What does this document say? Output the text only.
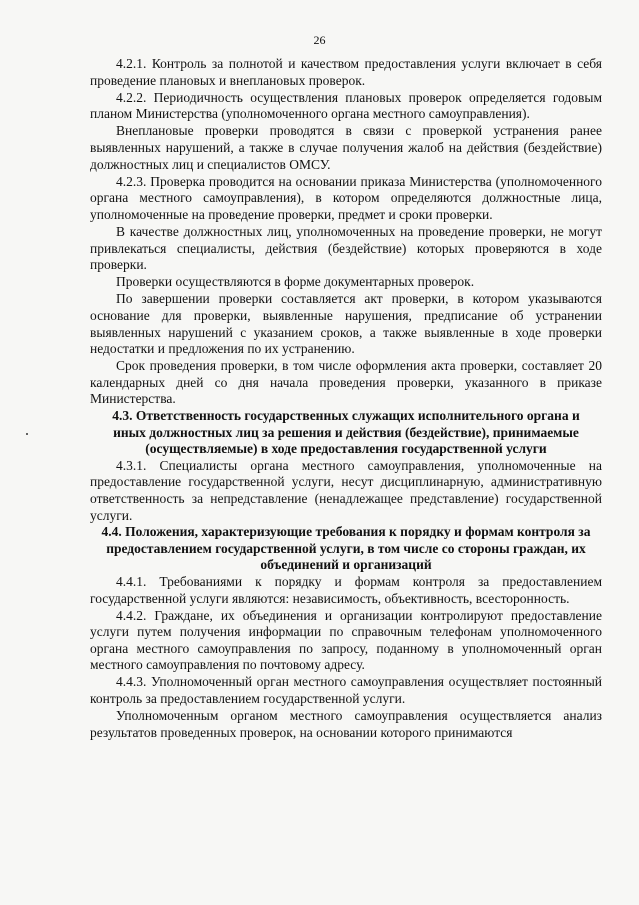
26

4.2.1. Контроль за полнотой и качеством предоставления услуги включает в себя проведение плановых и внеплановых проверок.

4.2.2. Периодичность осуществления плановых проверок определяется годовым планом Министерства (уполномоченного органа местного самоуправления).

Внеплановые проверки проводятся в связи с проверкой устранения ранее выявленных нарушений, а также в случае получения жалоб на действия (бездействие) должностных лиц и специалистов ОМСУ.

4.2.3. Проверка проводится на основании приказа Министерства (уполномоченного органа местного самоуправления), в котором определяются должностные лица, уполномоченные на проведение проверки, предмет и сроки проверки.

В качестве должностных лиц, уполномоченных на проведение проверки, не могут привлекаться специалисты, действия (бездействие) которых проверяются в ходе проверки.

Проверки осуществляются в форме документарных проверок.

По завершении проверки составляется акт проверки, в котором указываются основание для проверки, выявленные нарушения, предписание об устранении выявленных нарушений с указанием сроков, а также выявленные в ходе проверки недостатки и предложения по их устранению.

Срок проведения проверки, в том числе оформления акта проверки, составляет 20 календарных дней со дня начала проведения проверки, указанного в приказе Министерства.

4.3. Ответственность государственных служащих исполнительного органа и иных должностных лиц за решения и действия (бездействие), принимаемые (осуществляемые) в ходе предоставления государственной услуги

4.3.1. Специалисты органа местного самоуправления, уполномоченные на предоставление государственной услуги, несут дисциплинарную, административную ответственность за непредставление (ненадлежащее представление) государственной услуги.

4.4. Положения, характеризующие требования к порядку и формам контроля за предоставлением государственной услуги, в том числе со стороны граждан, их объединений и организаций

4.4.1. Требованиями к порядку и формам контроля за предоставлением государственной услуги являются: независимость, объективность, всесторонность.

4.4.2. Граждане, их объединения и организации контролируют предоставление услуги путем получения информации по справочным телефонам уполномоченного органа местного самоуправления по запросу, поданному в уполномоченный орган местного самоуправления по почтовому адресу.

4.4.3. Уполномоченный орган местного самоуправления осуществляет постоянный контроль за предоставлением государственной услуги.

Уполномоченным органом местного самоуправления осуществляется анализ результатов проведенных проверок, на основании которого принимаются
